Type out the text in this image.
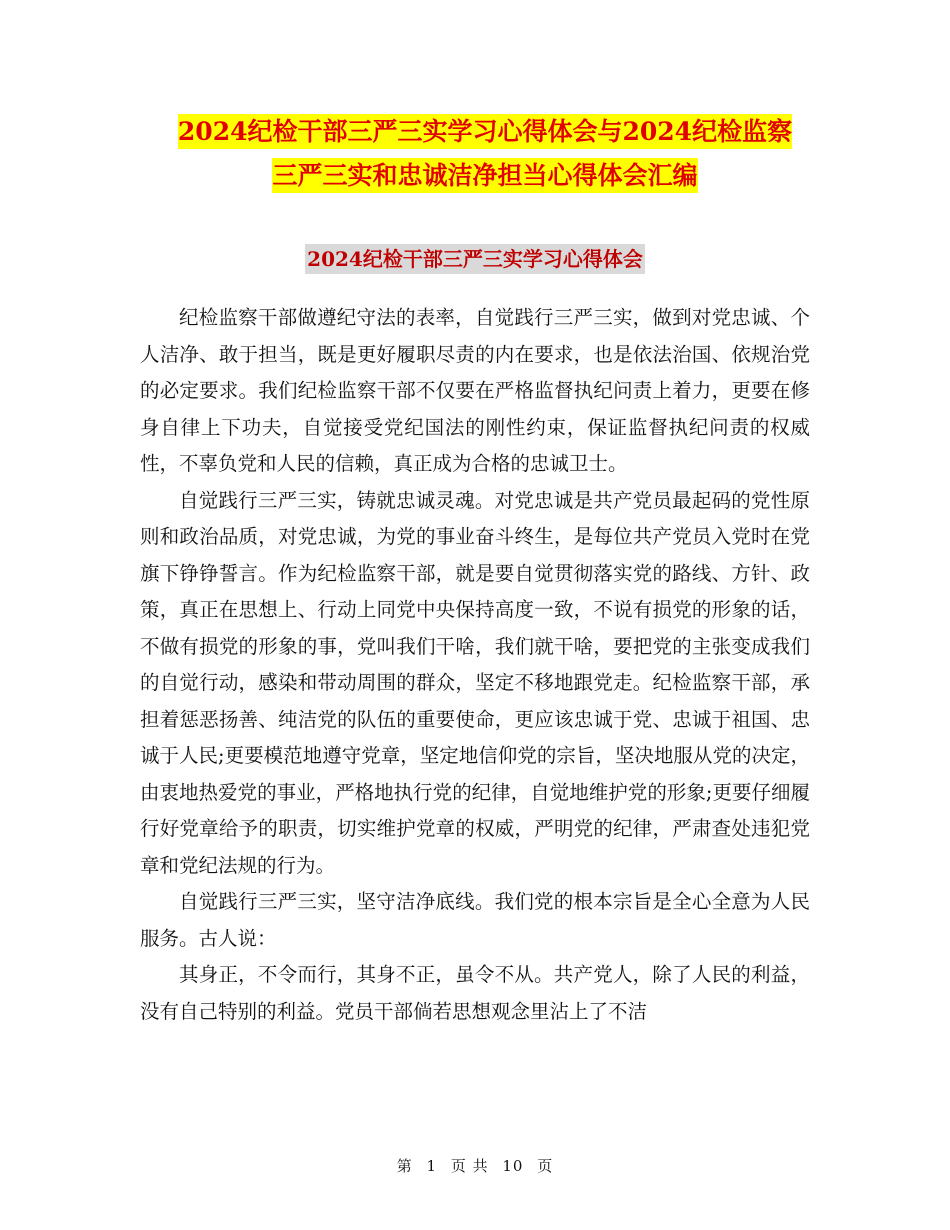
2024纪检干部三严三实学习心得体会与2024纪检监察
三严三实和忠诚洁净担当心得体会汇编
2024纪检干部三严三实学习心得体会

纪检监察干部做遵纪守法的表率，自觉践行三严三实，做到对党忠诚、个人洁净、敢于担当，既是更好履职尽责的内在要求，也是依法治国、依规治党的必定要求。我们纪检监察干部不仅要在严格监督执纪问责上着力，更要在修身自律上下功夫，自觉接受党纪国法的刚性约束，保证监督执纪问责的权威性，不辜负党和人民的信赖，真正成为合格的忠诚卫士。

自觉践行三严三实，铸就忠诚灵魂。对党忠诚是共产党员最起码的党性原则和政治品质，对党忠诚，为党的事业奋斗终生，是每位共产党员入党时在党旗下铮铮誓言。作为纪检监察干部，就是要自觉贯彻落实党的路线、方针、政策，真正在思想上、行动上同党中央保持高度一致，不说有损党的形象的话，不做有损党的形象的事，党叫我们干啥，我们就干啥，要把党的主张变成我们的自觉行动，感染和带动周围的群众，坚定不移地跟党走。纪检监察干部，承担着惩恶扬善、纯洁党的队伍的重要使命，更应该忠诚于党、忠诚于祖国、忠诚于人民;更要模范地遵守党章，坚定地信仰党的宗旨，坚决地服从党的决定，由衷地热爱党的事业，严格地执行党的纪律，自觉地维护党的形象;更要仔细履行好党章给予的职责，切实维护党章的权威，严明党的纪律，严肃查处违犯党章和党纪法规的行为。

自觉践行三严三实，坚守洁净底线。我们党的根本宗旨是全心全意为人民服务。古人说：

其身正，不令而行，其身不正，虽令不从。共产党人，除了人民的利益，没有自己特别的利益。党员干部倘若思想观念里沾上了不洁

第 1 页 共 10 页
